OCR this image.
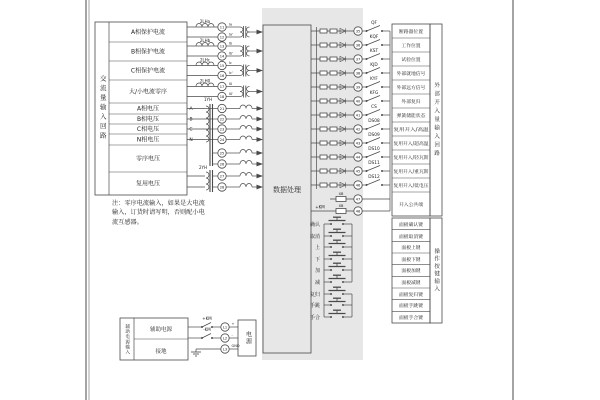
A相保护电流
B相保护电流
C相保护电流
大/小电流零序
A相电压
B相电压
C相电压
N相电压
零序电压
复用电压
2LHa
11
12
Ia
Ia'
2LHb
13
14
Ib
Ib'
2LHc
15
16
Ic
Ic'
2LH0
17
18
I0
I0'
A
B
C
N
1YH
21
22
23
24
25
26
2YH
27
28
35
QF
36
KQF
37
KST
38
KJD
39
KYF
40
KFG
41
CS
42
DS08
43
DS09
44
DS10
45
DS11
46
DS12
XB
47
XB
48
+KM
断路器位置
工作位置
试验位置
外部就地信号
外部远方信号
外部复归
弹簧储能状态
复用开入/高温
复用开入/超高温
复用开入/轻瓦斯
复用开入/重瓦斯
复用开入/低电压
开入公共端
确认
取消
上
下
加
减
复归
手跳
手合
面板确认键
面板取消键
面板上键
面板下键
面板加键
面板减键
面板复归键
面板手跳键
面板手合键
辅助电源
接地
+KM
-KM	L1
+
L2
-
L3
GND
交流量输入回路	外部开入量输入回路
操作按键输入
辅助电源输入
数据处理
电源
注：零序电流输入，如果是大电流
输入，订货时请写明，否则配小电
流互感器。
